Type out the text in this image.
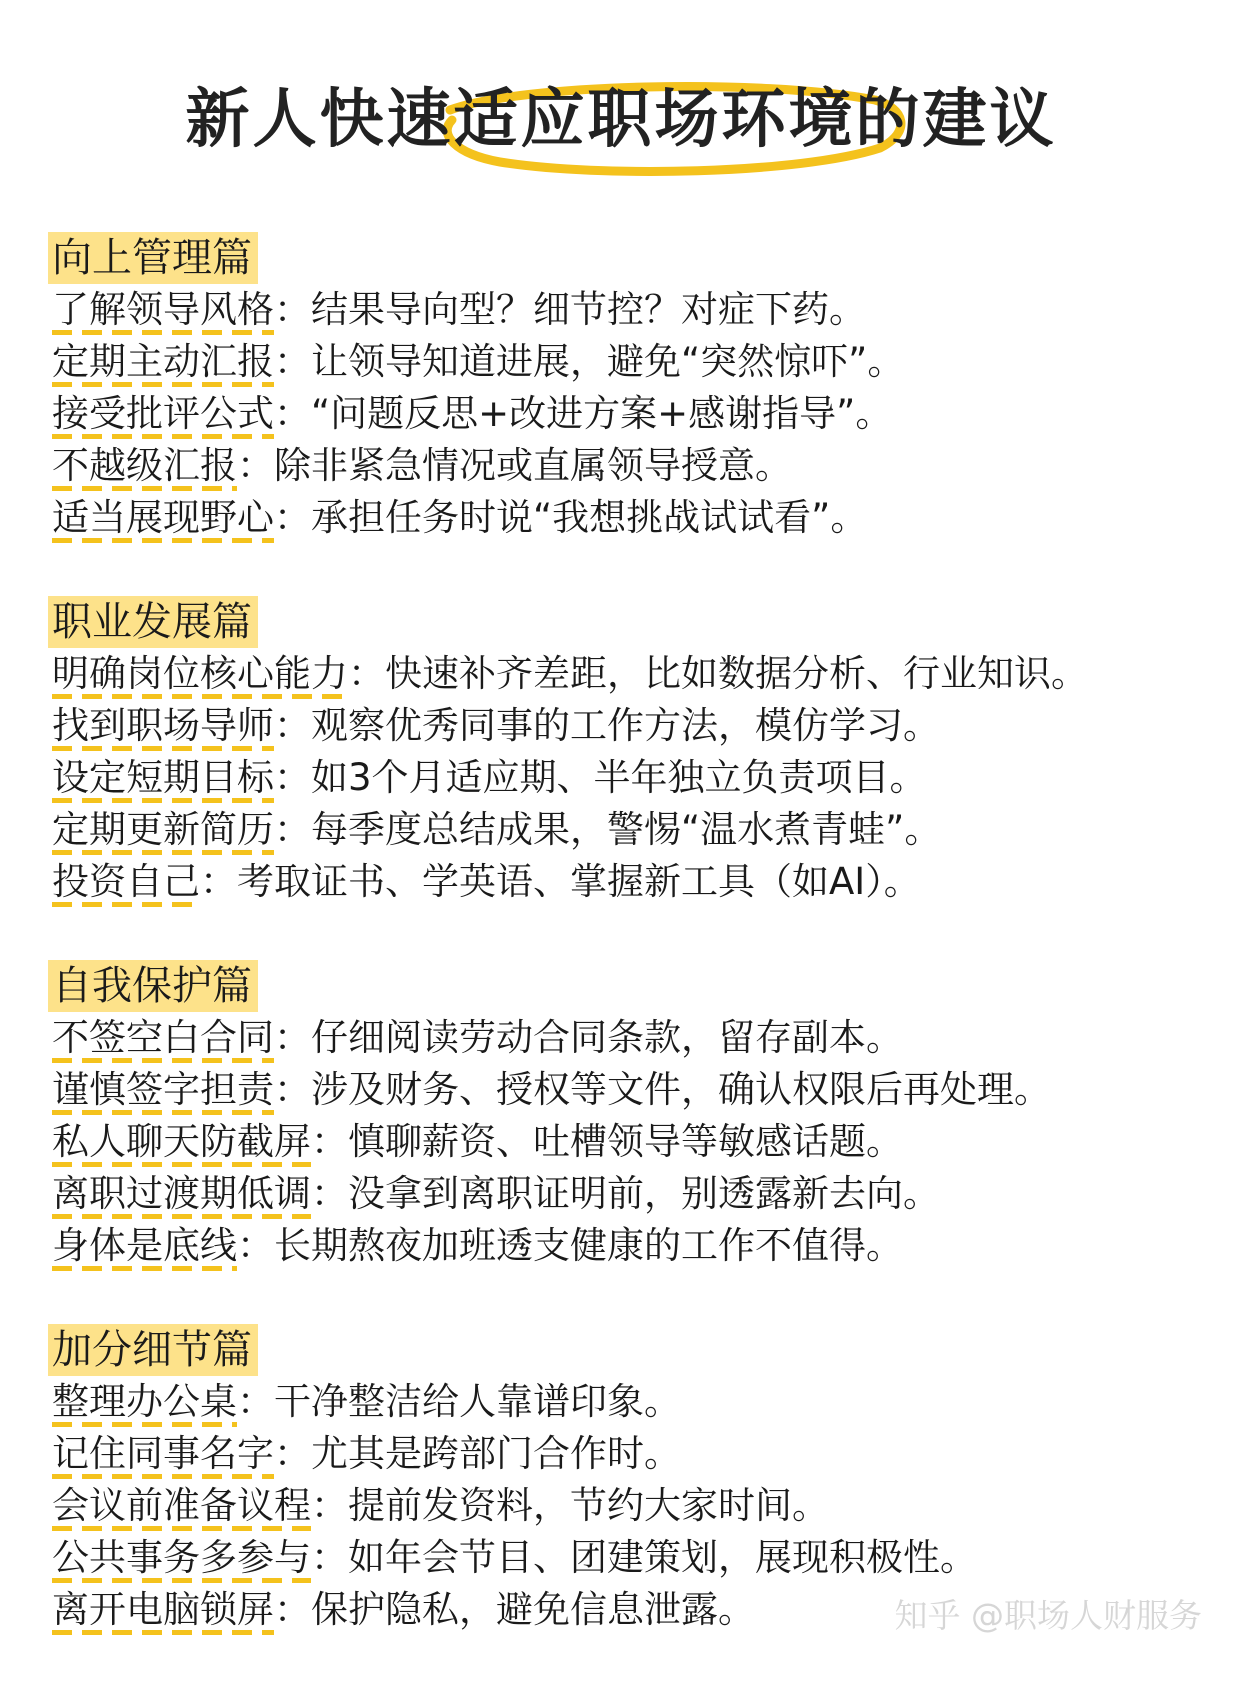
新人快速适应职场环境的建议
向上管理篇
了解领导风格：结果导向型？细节控？对症下药。
定期主动汇报：让领导知道进展，避免“突然惊吓”。
接受批评公式：“问题反思+改进方案+感谢指导”。
不越级汇报：除非紧急情况或直属领导授意。
适当展现野心：承担任务时说“我想挑战试试看”。
职业发展篇
明确岗位核心能力：快速补齐差距，比如数据分析、行业知识。
找到职场导师：观察优秀同事的工作方法，模仿学习。
设定短期目标：如3个月适应期、半年独立负责项目。
定期更新简历：每季度总结成果，警惕“温水煮青蛙”。
投资自己：考取证书、学英语、掌握新工具（如AI）。
自我保护篇
不签空白合同：仔细阅读劳动合同条款，留存副本。
谨慎签字担责：涉及财务、授权等文件，确认权限后再处理。
私人聊天防截屏：慎聊薪资、吐槽领导等敏感话题。
离职过渡期低调：没拿到离职证明前，别透露新去向。
身体是底线：长期熬夜加班透支健康的工作不值得。
加分细节篇
整理办公桌：干净整洁给人靠谱印象。
记住同事名字：尤其是跨部门合作时。
会议前准备议程：提前发资料，节约大家时间。
公共事务多参与：如年会节目、团建策划，展现积极性。
离开电脑锁屏：保护隐私，避免信息泄露。	知乎 @职场人财服务
